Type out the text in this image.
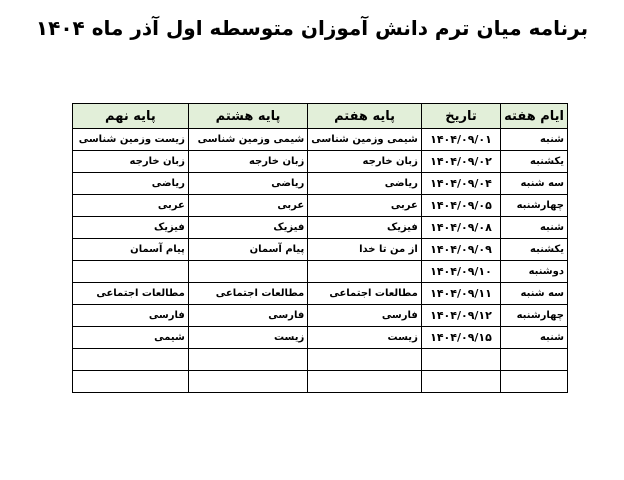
برنامه میان ترم دانش آموزان متوسطه اول آذر ماه ۱۴۰۴
ایام هفته	تاریخ	پایه هفتم	پایه هشتم	پایه نهم
شنبه	۱۴۰۴/۰۹/۰۱	شیمی وزمین شناسی	شیمی وزمین شناسی	زیست وزمین شناسی
یکشنبه	۱۴۰۴/۰۹/۰۲	زبان خارجه	زبان خارجه	زبان خارجه
سه شنبه	۱۴۰۴/۰۹/۰۴	ریاضی	ریاضی	ریاضی
چهارشنبه	۱۴۰۴/۰۹/۰۵	عربی	عربی	عربی
شنبه	۱۴۰۴/۰۹/۰۸	فیزیک	فیزیک	فیزیک
یکشنبه	۱۴۰۴/۰۹/۰۹	از من تا خدا	پیام آسمان	پیام آسمان
دوشنبه	۱۴۰۴/۰۹/۱۰			
سه شنبه	۱۴۰۴/۰۹/۱۱	مطالعات اجتماعی	مطالعات اجتماعی	مطالعات اجتماعی
چهارشنبه	۱۴۰۴/۰۹/۱۲	فارسی	فارسی	فارسی
شنبه	۱۴۰۴/۰۹/۱۵	زیست	زیست	شیمی
